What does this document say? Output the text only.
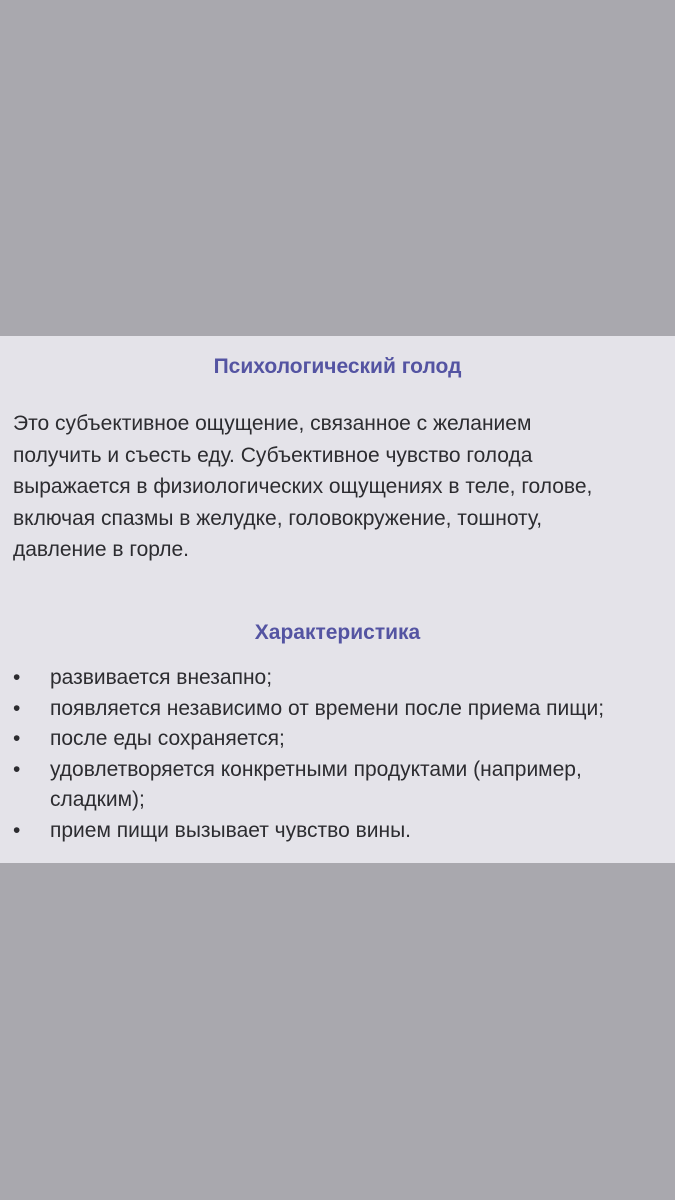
Психологический голод

Это субъективное ощущение, связанное с желанием
получить и съесть еду. Субъективное чувство голода
выражается в физиологических ощущениях в теле, голове,
включая спазмы в желудке, головокружение, тошноту,
давление в горле.

Характеристика
• развивается внезапно;
• появляется независимо от времени после приема пищи;
• после еды сохраняется;
• удовлетворяется конкретными продуктами (например,
сладким);
• прием пищи вызывает чувство вины.
